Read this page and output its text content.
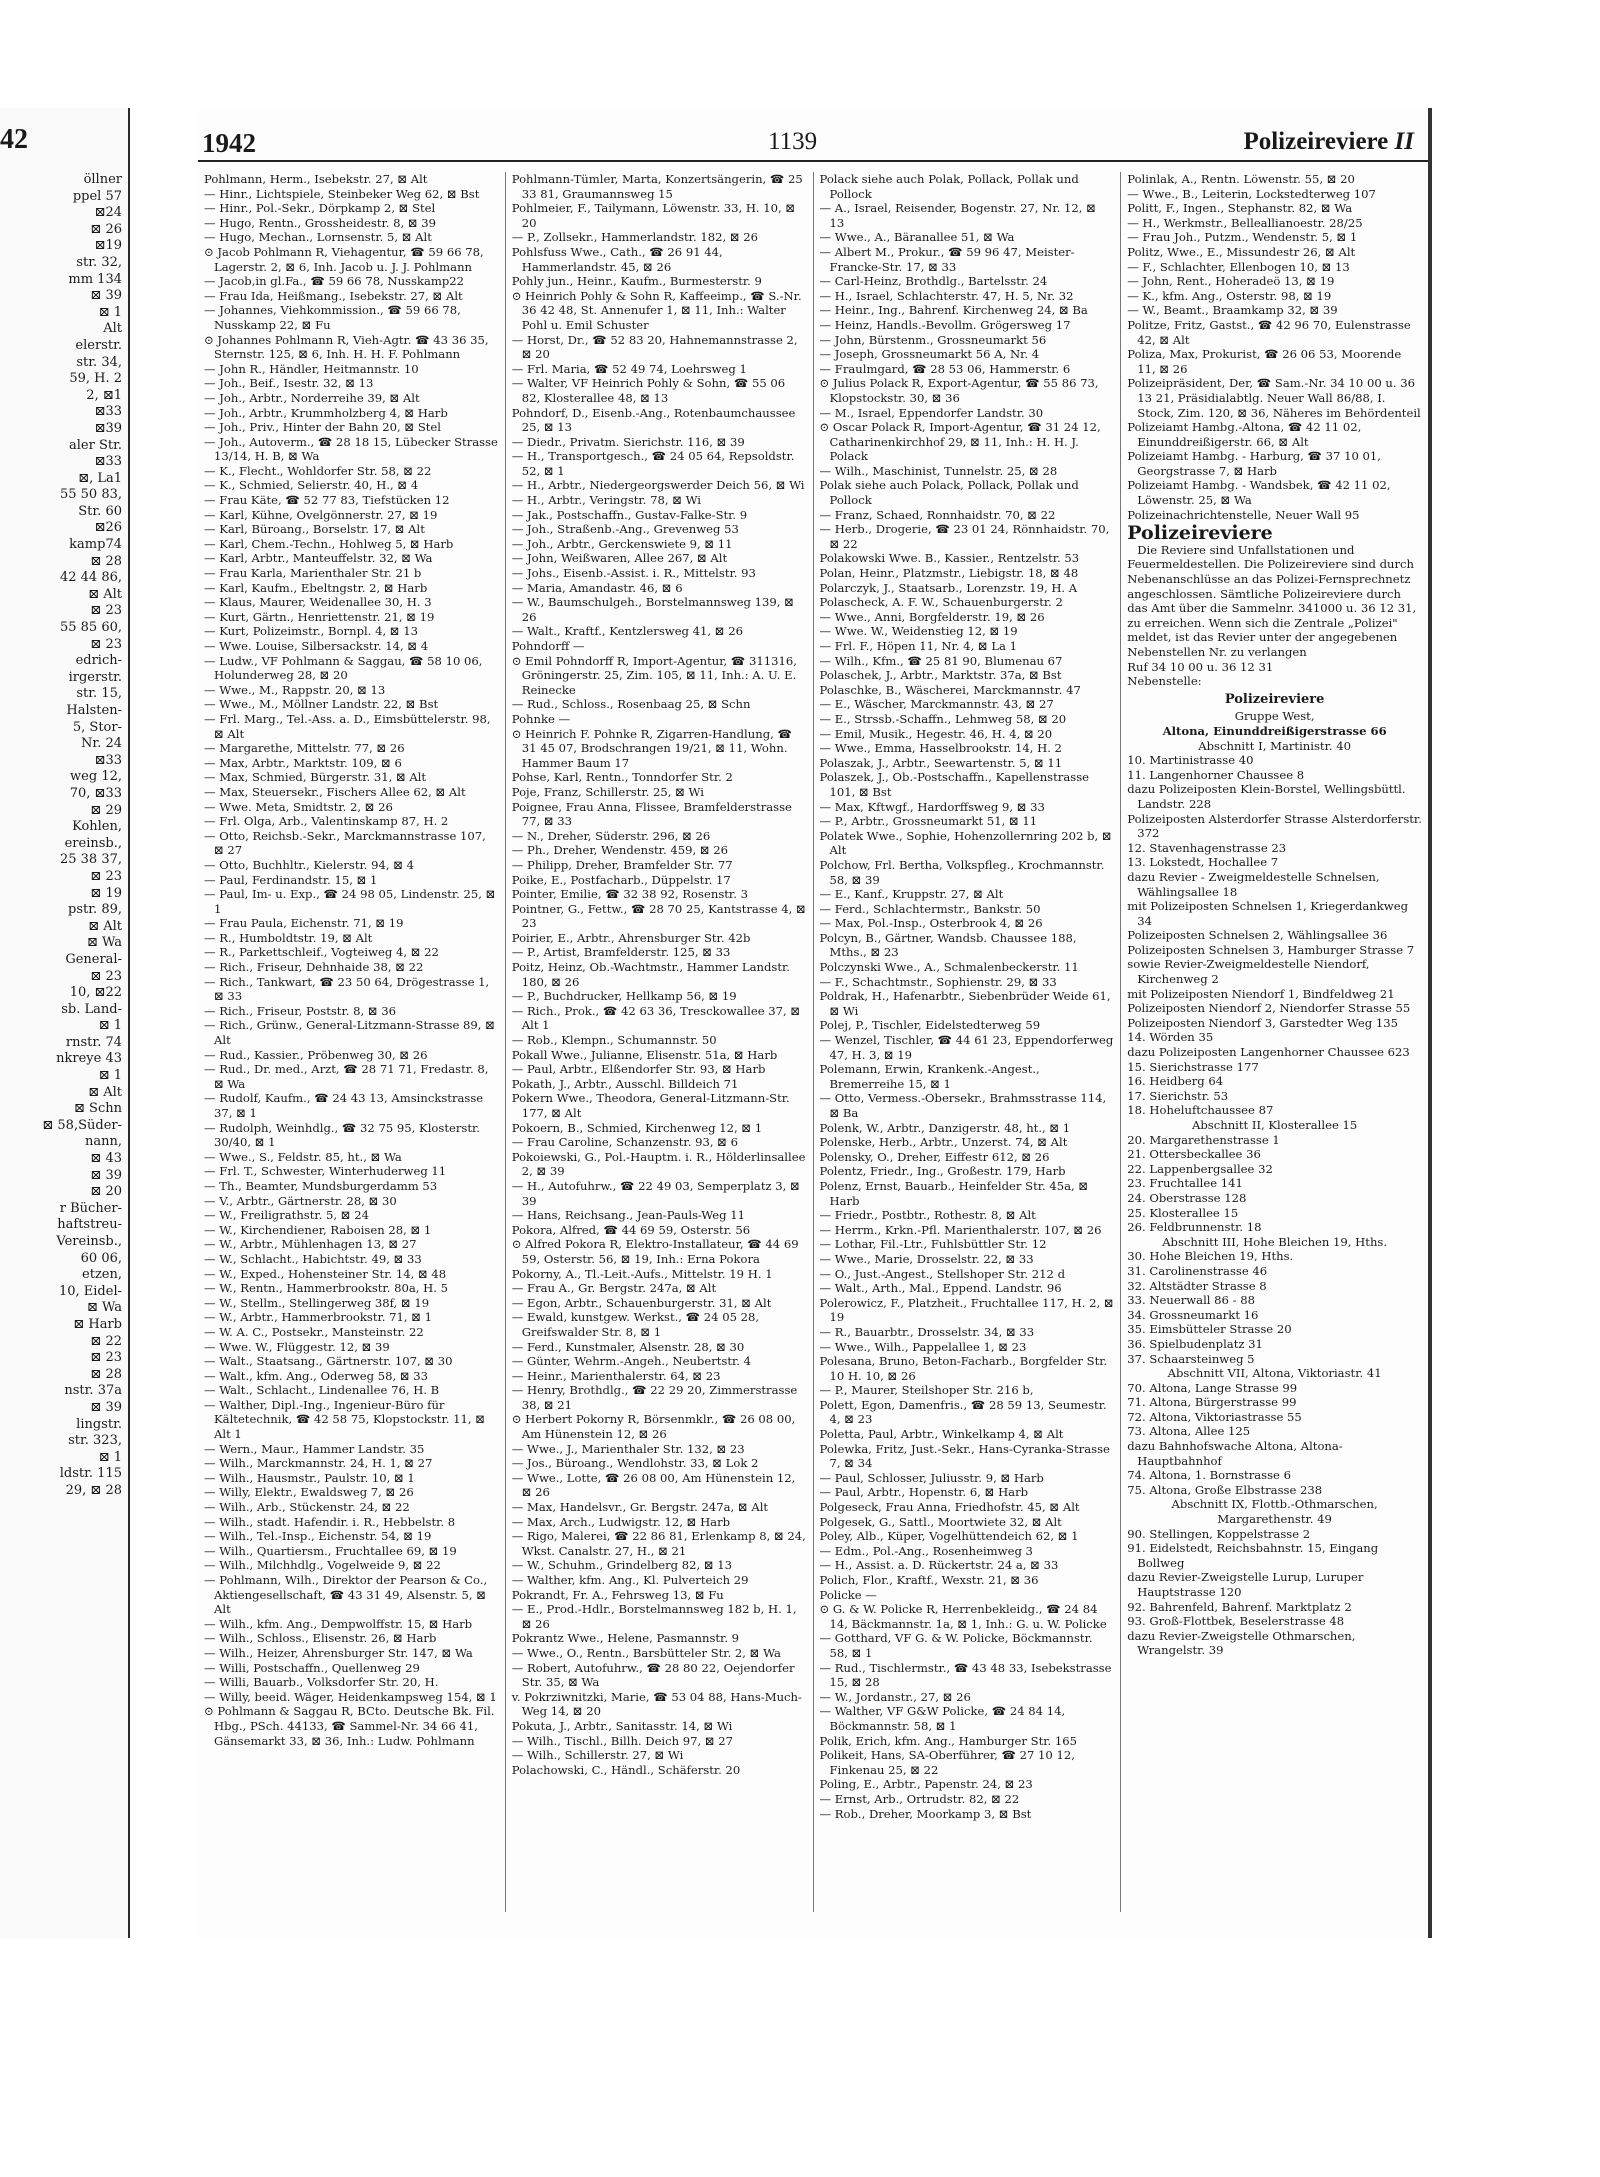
42
öllner
ppel 57
⊠24
⊠ 26
⊠19
str. 32,
mm 134
⊠ 39
⊠ 1
Alt
elerstr.
str. 34,
59, H. 2
2, ⊠1
⊠33
⊠39
aler Str.
⊠33
⊠, La1
55 50 83,
Str. 60
⊠26
kamp74
⊠ 28
42 44 86,
⊠ Alt
⊠ 23
55 85 60,
⊠ 23
edrich-
irgerstr.
str. 15,
Halsten-
5, Stor-
Nr. 24
⊠33
weg 12,
70, ⊠33
⊠ 29
Kohlen,
ereinsb.,
25 38 37,
⊠ 23
⊠ 19
pstr. 89,
⊠ Alt
⊠ Wa
General-
⊠ 23
10, ⊠22
sb. Land-
⊠ 1
rnstr. 74
nkreye 43
⊠ 1
⊠ Alt
⊠ Schn
⊠ 58,Süder-
nann,
⊠ 43
⊠ 39
⊠ 20
r Bücher-
haftstreu-
Vereinsb.,
60 06,
etzen,
10, Eidel-
⊠ Wa
⊠ Harb
⊠ 22
⊠ 23
⊠ 28
nstr. 37a
⊠ 39
lingstr.
str. 323,
⊠ 1
ldstr. 115
29, ⊠ 28
1942	1139	Polizeireviere II

Pohlmann, Herm., Isebekstr. 27, ⊠ Alt

— Hinr., Lichtspiele, Steinbeker Weg 62, ⊠ Bst

— Hinr., Pol.-Sekr., Dörpkamp 2, ⊠ Stel

— Hugo, Rentn., Grossheidestr. 8, ⊠ 39

— Hugo, Mechan., Lornsenstr. 5, ⊠ Alt

⊙ Jacob Pohlmann R, Viehagentur, ☎ 59 66 78, Lagerstr. 2, ⊠ 6, Inh. Jacob u. J. J. Pohlmann

— Jacob,in gl.Fa., ☎ 59 66 78, Nusskamp22

— Frau Ida, Heißmang., Isebekstr. 27, ⊠ Alt

— Johannes, Viehkommission., ☎ 59 66 78, Nusskamp 22, ⊠ Fu

⊙ Johannes Pohlmann R, Vieh-Agtr. ☎ 43 36 35, Sternstr. 125, ⊠ 6, Inh. H. H. F. Pohlmann

— John R., Händler, Heitmannstr. 10

— Joh., Beif., Isestr. 32, ⊠ 13

— Joh., Arbtr., Norderreihe 39, ⊠ Alt

— Joh., Arbtr., Krummholzberg 4, ⊠ Harb

— Joh., Priv., Hinter der Bahn 20, ⊠ Stel

— Joh., Autoverm., ☎ 28 18 15, Lübecker Strasse 13/14, H. B, ⊠ Wa

— K., Flecht., Wohldorfer Str. 58, ⊠ 22

— K., Schmied, Selierstr. 40, H., ⊠ 4

— Frau Käte, ☎ 52 77 83, Tiefstücken 12

— Karl, Kühne, Ovelgönnerstr. 27, ⊠ 19

— Karl, Büroang., Borselstr. 17, ⊠ Alt

— Karl, Chem.-Techn., Hohlweg 5, ⊠ Harb

— Karl, Arbtr., Manteuffelstr. 32, ⊠ Wa

— Frau Karla, Marienthaler Str. 21 b

— Karl, Kaufm., Ebeltngstr. 2, ⊠ Harb

— Klaus, Maurer, Weidenallee 30, H. 3

— Kurt, Gärtn., Henriettenstr. 21, ⊠ 19

— Kurt, Polizeimstr., Bornpl. 4, ⊠ 13

— Wwe. Louise, Silbersackstr. 14, ⊠ 4

— Ludw., VF Pohlmann & Saggau, ☎ 58 10 06, Holunderweg 28, ⊠ 20

— Wwe., M., Rappstr. 20, ⊠ 13

— Wwe., M., Möllner Landstr. 22, ⊠ Bst

— Frl. Marg., Tel.-Ass. a. D., Eimsbüttelerstr. 98, ⊠ Alt

— Margarethe, Mittelstr. 77, ⊠ 26

— Max, Arbtr., Marktstr. 109, ⊠ 6

— Max, Schmied, Bürgerstr. 31, ⊠ Alt

— Max, Steuersekr., Fischers Allee 62, ⊠ Alt

— Wwe. Meta, Smidtstr. 2, ⊠ 26

— Frl. Olga, Arb., Valentinskamp 87, H. 2

— Otto, Reichsb.-Sekr., Marckmannstrasse 107, ⊠ 27

— Otto, Buchhltr., Kielerstr. 94, ⊠ 4

— Paul, Ferdinandstr. 15, ⊠ 1

— Paul, Im- u. Exp., ☎ 24 98 05, Lindenstr. 25, ⊠ 1

— Frau Paula, Eichenstr. 71, ⊠ 19

— R., Humboldtstr. 19, ⊠ Alt

— R., Parkettschleif., Vogteiweg 4, ⊠ 22

— Rich., Friseur, Dehnhaide 38, ⊠ 22

— Rich., Tankwart, ☎ 23 50 64, Drögestrasse 1, ⊠ 33

— Rich., Friseur, Poststr. 8, ⊠ 36

— Rich., Grünw., General-Litzmann-Strasse 89, ⊠ Alt

— Rud., Kassier., Pröbenweg 30, ⊠ 26

— Rud., Dr. med., Arzt, ☎ 28 71 71, Fredastr. 8, ⊠ Wa

— Rudolf, Kaufm., ☎ 24 43 13, Amsinckstrasse 37, ⊠ 1

— Rudolph, Weinhdlg., ☎ 32 75 95, Klosterstr. 30/40, ⊠ 1

— Wwe., S., Feldstr. 85, ht., ⊠ Wa

— Frl. T., Schwester, Winterhuderweg 11

— Th., Beamter, Mundsburgerdamm 53

— V., Arbtr., Gärtnerstr. 28, ⊠ 30

— W., Freiligrathstr. 5, ⊠ 24

— W., Kirchendiener, Raboisen 28, ⊠ 1

— W., Arbtr., Mühlenhagen 13, ⊠ 27

— W., Schlacht., Habichtstr. 49, ⊠ 33

— W., Exped., Hohensteiner Str. 14, ⊠ 48

— W., Rentn., Hammerbrookstr. 80a, H. 5

— W., Stellm., Stellingerweg 38f, ⊠ 19

— W., Arbtr., Hammerbrookstr. 71, ⊠ 1

— W. A. C., Postsekr., Mansteinstr. 22

— Wwe. W., Flüggestr. 12, ⊠ 39

— Walt., Staatsang., Gärtnerstr. 107, ⊠ 30

— Walt., kfm. Ang., Oderweg 58, ⊠ 33

— Walt., Schlacht., Lindenallee 76, H. B

— Walther, Dipl.-Ing., Ingenieur-Büro für Kältetechnik, ☎ 42 58 75, Klopstockstr. 11, ⊠ Alt 1

— Wern., Maur., Hammer Landstr. 35

— Wilh., Marckmannstr. 24, H. 1, ⊠ 27

— Wilh., Hausmstr., Paulstr. 10, ⊠ 1

— Willy, Elektr., Ewaldsweg 7, ⊠ 26

— Wilh., Arb., Stückenstr. 24, ⊠ 22

— Wilh., stadt. Hafendir. i. R., Hebbelstr. 8

— Wilh., Tel.-Insp., Eichenstr. 54, ⊠ 19

— Wilh., Quartiersm., Fruchtallee 69, ⊠ 19

— Wilh., Milchhdlg., Vogelweide 9, ⊠ 22

— Pohlmann, Wilh., Direktor der Pearson & Co., Aktiengesellschaft, ☎ 43 31 49, Alsenstr. 5, ⊠ Alt

— Wilh., kfm. Ang., Dempwolffstr. 15, ⊠ Harb

— Wilh., Schloss., Elisenstr. 26, ⊠ Harb

— Wilh., Heizer, Ahrensburger Str. 147, ⊠ Wa

— Willi, Postschaffn., Quellenweg 29

— Willi, Bauarb., Volksdorfer Str. 20, H.

— Willy, beeid. Wäger, Heidenkampsweg 154, ⊠ 1

⊙ Pohlmann & Saggau R, BCto. Deutsche Bk. Fil. Hbg., PSch. 44133, ☎ Sammel-Nr. 34 66 41, Gänsemarkt 33, ⊠ 36, Inh.: Ludw. Pohlmann

Pohlmann-Tümler, Marta, Konzertsängerin, ☎ 25 33 81, Graumannsweg 15

Pohlmeier, F., Tailymann, Löwenstr. 33, H. 10, ⊠ 20

— P., Zollsekr., Hammerlandstr. 182, ⊠ 26

Pohlsfuss Wwe., Cath., ☎ 26 91 44, Hammerlandstr. 45, ⊠ 26

Pohly jun., Heinr., Kaufm., Burmesterstr. 9

⊙ Heinrich Pohly & Sohn R, Kaffeeimp., ☎ S.-Nr. 36 42 48, St. Annenufer 1, ⊠ 11, Inh.: Walter Pohl u. Emil Schuster

— Horst, Dr., ☎ 52 83 20, Hahnemannstrasse 2, ⊠ 20

— Frl. Maria, ☎ 52 49 74, Loehrsweg 1

— Walter, VF Heinrich Pohly & Sohn, ☎ 55 06 82, Klosterallee 48, ⊠ 13

Pohndorf, D., Eisenb.-Ang., Rotenbaumchaussee 25, ⊠ 13

— Diedr., Privatm. Sierichstr. 116, ⊠ 39

— H., Transportgesch., ☎ 24 05 64, Repsoldstr. 52, ⊠ 1

— H., Arbtr., Niedergeorgswerder Deich 56, ⊠ Wi

— H., Arbtr., Veringstr. 78, ⊠ Wi

— Jak., Postschaffn., Gustav-Falke-Str. 9

— Joh., Straßenb.-Ang., Grevenweg 53

— Joh., Arbtr., Gerckenswiete 9, ⊠ 11

— John, Weißwaren, Allee 267, ⊠ Alt

— Johs., Eisenb.-Assist. i. R., Mittelstr. 93

— Maria, Amandastr. 46, ⊠ 6

— W., Baumschulgeh., Borstelmannsweg 139, ⊠ 26

— Walt., Kraftf., Kentzlersweg 41, ⊠ 26

Pohndorff —

⊙ Emil Pohndorff R, Import-Agentur, ☎ 311316, Gröningerstr. 25, Zim. 105, ⊠ 11, Inh.: A. U. E. Reinecke

— Rud., Schloss., Rosenbaag 25, ⊠ Schn

Pohnke —

⊙ Heinrich F. Pohnke R, Zigarren-Handlung, ☎ 31 45 07, Brodschrangen 19/21, ⊠ 11, Wohn. Hammer Baum 17

Pohse, Karl, Rentn., Tonndorfer Str. 2

Poje, Franz, Schillerstr. 25, ⊠ Wi

Poignee, Frau Anna, Flissee, Bramfelderstrasse 77, ⊠ 33

— N., Dreher, Süderstr. 296, ⊠ 26

— Ph., Dreher, Wendenstr. 459, ⊠ 26

— Philipp, Dreher, Bramfelder Str. 77

Poike, E., Postfacharb., Düppelstr. 17

Pointer, Emilie, ☎ 32 38 92, Rosenstr. 3

Pointner, G., Fettw., ☎ 28 70 25, Kantstrasse 4, ⊠ 23

Poirier, E., Arbtr., Ahrensburger Str. 42b

— P., Artist, Bramfelderstr. 125, ⊠ 33

Poitz, Heinz, Ob.-Wachtmstr., Hammer Landstr. 180, ⊠ 26

— P., Buchdrucker, Hellkamp 56, ⊠ 19

— Rich., Prok., ☎ 42 63 36, Tresckowallee 37, ⊠ Alt 1

— Rob., Klempn., Schumannstr. 50

Pokall Wwe., Julianne, Elisenstr. 51a, ⊠ Harb

— Paul, Arbtr., Elßendorfer Str. 93, ⊠ Harb

Pokath, J., Arbtr., Ausschl. Billdeich 71

Pokern Wwe., Theodora, General-Litzmann-Str. 177, ⊠ Alt

Pokoern, B., Schmied, Kirchenweg 12, ⊠ 1

— Frau Caroline, Schanzenstr. 93, ⊠ 6

Pokoiewski, G., Pol.-Hauptm. i. R., Hölderlinsallee 2, ⊠ 39

— H., Autofuhrw., ☎ 22 49 03, Semperplatz 3, ⊠ 39

— Hans, Reichsang., Jean-Pauls-Weg 11

Pokora, Alfred, ☎ 44 69 59, Osterstr. 56

⊙ Alfred Pokora R, Elektro-Installateur, ☎ 44 69 59, Osterstr. 56, ⊠ 19, Inh.: Erna Pokora

Pokorny, A., Tl.-Leit.-Aufs., Mittelstr. 19 H. 1

— Frau A., Gr. Bergstr. 247a, ⊠ Alt

— Egon, Arbtr., Schauenburgerstr. 31, ⊠ Alt

— Ewald, kunstgew. Werkst., ☎ 24 05 28, Greifswalder Str. 8, ⊠ 1

— Ferd., Kunstmaler, Alsenstr. 28, ⊠ 30

— Günter, Wehrm.-Angeh., Neubertstr. 4

— Heinr., Marienthalerstr. 64, ⊠ 23

— Henry, Brothdlg., ☎ 22 29 20, Zimmerstrasse 38, ⊠ 21

⊙ Herbert Pokorny R, Börsenmklr., ☎ 26 08 00, Am Hünenstein 12, ⊠ 26

— Wwe., J., Marienthaler Str. 132, ⊠ 23

— Jos., Büroang., Wendlohstr. 33, ⊠ Lok 2

— Wwe., Lotte, ☎ 26 08 00, Am Hünenstein 12, ⊠ 26

— Max, Handelsvr., Gr. Bergstr. 247a, ⊠ Alt

— Max, Arch., Ludwigstr. 12, ⊠ Harb

— Rigo, Malerei, ☎ 22 86 81, Erlenkamp 8, ⊠ 24, Wkst. Canalstr. 27, H., ⊠ 21

— W., Schuhm., Grindelberg 82, ⊠ 13

— Walther, kfm. Ang., Kl. Pulverteich 29

Pokrandt, Fr. A., Fehrsweg 13, ⊠ Fu

— E., Prod.-Hdlr., Borstelmannsweg 182 b, H. 1, ⊠ 26

Pokrantz Wwe., Helene, Pasmannstr. 9

— Wwe., O., Rentn., Barsbütteler Str. 2, ⊠ Wa

— Robert, Autofuhrw., ☎ 28 80 22, Oejendorfer Str. 35, ⊠ Wa

v. Pokrziwnitzki, Marie, ☎ 53 04 88, Hans-Much-Weg 14, ⊠ 20

Pokuta, J., Arbtr., Sanitasstr. 14, ⊠ Wi

— Wilh., Tischl., Billh. Deich 97, ⊠ 27

— Wilh., Schillerstr. 27, ⊠ Wi

Polachowski, C., Händl., Schäferstr. 20

Polack siehe auch Polak, Pollack, Pollak und Pollock

— A., Israel, Reisender, Bogenstr. 27, Nr. 12, ⊠ 13

— Wwe., A., Bäranallee 51, ⊠ Wa

— Albert M., Prokur., ☎ 59 96 47, Meister-Francke-Str. 17, ⊠ 33

— Carl-Heinz, Brothdlg., Bartelsstr. 24

— H., Israel, Schlachterstr. 47, H. 5, Nr. 32

— Heinr., Ing., Bahrenf. Kirchenweg 24, ⊠ Ba

— Heinz, Handls.-Bevollm. Grögersweg 17

— John, Bürstenm., Grossneumarkt 56

— Joseph, Grossneumarkt 56 A, Nr. 4

— Fraulmgard, ☎ 28 53 06, Hammerstr. 6

⊙ Julius Polack R, Export-Agentur, ☎ 55 86 73, Klopstockstr. 30, ⊠ 36

— M., Israel, Eppendorfer Landstr. 30

⊙ Oscar Polack R, Import-Agentur, ☎ 31 24 12, Catharinenkirchhof 29, ⊠ 11, Inh.: H. H. J. Polack

— Wilh., Maschinist, Tunnelstr. 25, ⊠ 28

Polak siehe auch Polack, Pollack, Pollak und Pollock

— Franz, Schaed, Ronnhaidstr. 70, ⊠ 22

— Herb., Drogerie, ☎ 23 01 24, Rönnhaidstr. 70, ⊠ 22

Polakowski Wwe. B., Kassier., Rentzelstr. 53

Polan, Heinr., Platzmstr., Liebigstr. 18, ⊠ 48

Polarczyk, J., Staatsarb., Lorenzstr. 19, H. A

Polascheck, A. F. W., Schauenburgerstr. 2

— Wwe., Anni, Borgfelderstr. 19, ⊠ 26

— Wwe. W., Weidenstieg 12, ⊠ 19

— Frl. F., Höpen 11, Nr. 4, ⊠ La 1

— Wilh., Kfm., ☎ 25 81 90, Blumenau 67

Polaschek, J., Arbtr., Marktstr. 37a, ⊠ Bst

Polaschke, B., Wäscherei, Marckmannstr. 47

— E., Wäscher, Marckmannstr. 43, ⊠ 27

— E., Strssb.-Schaffn., Lehmweg 58, ⊠ 20

— Emil, Musik., Hegestr. 46, H. 4, ⊠ 20

— Wwe., Emma, Hasselbrookstr. 14, H. 2

Polaszak, J., Arbtr., Seewartenstr. 5, ⊠ 11

Polaszek, J., Ob.-Postschaffn., Kapellenstrasse 101, ⊠ Bst

— Max, Kftwgf., Hardorffsweg 9, ⊠ 33

— P., Arbtr., Grossneumarkt 51, ⊠ 11

Polatek Wwe., Sophie, Hohenzollernring 202 b, ⊠ Alt

Polchow, Frl. Bertha, Volkspfleg., Krochmannstr. 58, ⊠ 39

— E., Kanf., Kruppstr. 27, ⊠ Alt

— Ferd., Schlachtermstr., Bankstr. 50

— Max, Pol.-Insp., Osterbrook 4, ⊠ 26

Polcyn, B., Gärtner, Wandsb. Chaussee 188, Mths., ⊠ 23

Polczynski Wwe., A., Schmalenbeckerstr. 11

— F., Schachtmstr., Sophienstr. 29, ⊠ 33

Poldrak, H., Hafenarbtr., Siebenbrüder Weide 61, ⊠ Wi

Polej, P., Tischler, Eidelstedterweg 59

— Wenzel, Tischler, ☎ 44 61 23, Eppendorferweg 47, H. 3, ⊠ 19

Polemann, Erwin, Krankenk.-Angest., Bremerreihe 15, ⊠ 1

— Otto, Vermess.-Obersekr., Brahmsstrasse 114, ⊠ Ba

Polenk, W., Arbtr., Danzigerstr. 48, ht., ⊠ 1

Polenske, Herb., Arbtr., Unzerst. 74, ⊠ Alt

Polensky, O., Dreher, Eiffestr 612, ⊠ 26

Polentz, Friedr., Ing., Großestr. 179, Harb

Polenz, Ernst, Bauarb., Heinfelder Str. 45a, ⊠ Harb

— Friedr., Postbtr., Rothestr. 8, ⊠ Alt

— Herrm., Krkn.-Pfl. Marienthalerstr. 107, ⊠ 26

— Lothar, Fil.-Ltr., Fuhlsbüttler Str. 12

— Wwe., Marie, Drosselstr. 22, ⊠ 33

— O., Just.-Angest., Stellshoper Str. 212 d

— Walt., Arth., Mal., Eppend. Landstr. 96

Polerowicz, F., Platzheit., Fruchtallee 117, H. 2, ⊠ 19

— R., Bauarbtr., Drosselstr. 34, ⊠ 33

— Wwe., Wilh., Pappelallee 1, ⊠ 23

Polesana, Bruno, Beton-Facharb., Borgfelder Str. 10 H. 10, ⊠ 26

— P., Maurer, Steilshoper Str. 216 b,

Polett, Egon, Damenfris., ☎ 28 59 13, Seumestr. 4, ⊠ 23

Poletta, Paul, Arbtr., Winkelkamp 4, ⊠ Alt

Polewka, Fritz, Just.-Sekr., Hans-Cyranka-Strasse 7, ⊠ 34

— Paul, Schlosser, Juliusstr. 9, ⊠ Harb

— Paul, Arbtr., Hopenstr. 6, ⊠ Harb

Polgeseck, Frau Anna, Friedhofstr. 45, ⊠ Alt

Polgesek, G., Sattl., Moortwiete 32, ⊠ Alt

Poley, Alb., Küper, Vogelhüttendeich 62, ⊠ 1

— Edm., Pol.-Ang., Rosenheimweg 3

— H., Assist. a. D. Rückertstr. 24 a, ⊠ 33

Polich, Flor., Kraftf., Wexstr. 21, ⊠ 36

Policke —

⊙ G. & W. Policke R, Herrenbekleidg., ☎ 24 84 14, Bäckmannstr. 1a, ⊠ 1, Inh.: G. u. W. Policke

— Gotthard, VF G. & W. Policke, Böckmannstr. 58, ⊠ 1

— Rud., Tischlermstr., ☎ 43 48 33, Isebekstrasse 15, ⊠ 28

— W., Jordanstr., 27, ⊠ 26

— Walther, VF G&W Policke, ☎ 24 84 14, Böckmannstr. 58, ⊠ 1

Polik, Erich, kfm. Ang., Hamburger Str. 165

Polikeit, Hans, SA-Oberführer, ☎ 27 10 12, Finkenau 25, ⊠ 22

Poling, E., Arbtr., Papenstr. 24, ⊠ 23

— Ernst, Arb., Ortrudstr. 82, ⊠ 22

— Rob., Dreher, Moorkamp 3, ⊠ Bst

Polinlak, A., Rentn. Löwenstr. 55, ⊠ 20

— Wwe., B., Leiterin, Lockstedterweg 107

Politt, F., Ingen., Stephanstr. 82, ⊠ Wa

— H., Werkmstr., Belleallianoestr. 28/25

— Frau Joh., Putzm., Wendenstr. 5, ⊠ 1

Politz, Wwe., E., Missundestr 26, ⊠ Alt

— F., Schlachter, Ellenbogen 10, ⊠ 13

— John, Rent., Hoheradeö 13, ⊠ 19

— K., kfm. Ang., Osterstr. 98, ⊠ 19

— W., Beamt., Braamkamp 32, ⊠ 39

Politze, Fritz, Gastst., ☎ 42 96 70, Eulenstrasse 42, ⊠ Alt

Poliza, Max, Prokurist, ☎ 26 06 53, Moorende 11, ⊠ 26

Polizeipräsident, Der, ☎ Sam.-Nr. 34 10 00 u. 36 13 21, Präsidialabtlg. Neuer Wall 86/88, I. Stock, Zim. 120, ⊠ 36, Näheres im Behördenteil

Polizeiamt Hambg.-Altona, ☎ 42 11 02, Einunddreißigerstr. 66, ⊠ Alt

Polizeiamt Hambg. - Harburg, ☎ 37 10 01, Georgstrasse 7, ⊠ Harb

Polizeiamt Hambg. - Wandsbek, ☎ 42 11 02, Löwenstr. 25, ⊠ Wa

Polizeinachrichtenstelle, Neuer Wall 95

Polizeireviere

Die Reviere sind Unfallstationen und Feuermeldestellen. Die Polizeireviere sind durch Nebenanschlüsse an das Polizei-Fernsprechnetz angeschlossen. Sämtliche Polizeireviere durch das Amt über die Sammelnr. 341000 u. 36 12 31, zu erreichen. Wenn sich die Zentrale „Polizei" meldet, ist das Revier unter der angegebenen Nebenstellen Nr. zu verlangen

Ruf 34 10 00 u. 36 12 31

Nebenstelle:

Polizeireviere
Gruppe West,
Altona, Einunddreißigerstrasse 66
Abschnitt I, Martinistr. 40

10. Martinistrasse 40

11. Langenhorner Chaussee 8

dazu Polizeiposten Klein-Borstel, Wellingsbüttl. Landstr. 228

Polizeiposten Alsterdorfer Strasse Alsterdorferstr. 372

12. Stavenhagenstrasse 23

13. Lokstedt, Hochallee 7

dazu Revier - Zweigmeldestelle Schnelsen, Wählingsallee 18

mit Polizeiposten Schnelsen 1, Kriegerdankweg 34

Polizeiposten Schnelsen 2, Wählingsallee 36

Polizeiposten Schnelsen 3, Hamburger Strasse 7

sowie Revier-Zweigmeldestelle Niendorf, Kirchenweg 2

mit Polizeiposten Niendorf 1, Bindfeldweg 21

Polizeiposten Niendorf 2, Niendorfer Strasse 55

Polizeiposten Niendorf 3, Garstedter Weg 135

14. Wörden 35

dazu Polizeiposten Langenhorner Chaussee 623

15. Sierichstrasse 177

16. Heidberg 64

17. Sierichstr. 53

18. Hoheluftchaussee 87

Abschnitt II, Klosterallee 15

20. Margarethenstrasse 1

21. Ottersbeckallee 36

22. Lappenbergsallee 32

23. Fruchtallee 141

24. Oberstrasse 128

25. Klosterallee 15

26. Feldbrunnenstr. 18

Abschnitt III, Hohe Bleichen 19, Hths.

30. Hohe Bleichen 19, Hths.

31. Carolinenstrasse 46

32. Altstädter Strasse 8

33. Neuerwall 86 - 88

34. Grossneumarkt 16

35. Eimsbütteler Strasse 20

36. Spielbudenplatz 31

37. Schaarsteinweg 5

Abschnitt VII, Altona, Viktoriastr. 41

70. Altona, Lange Strasse 99

71. Altona, Bürgerstrasse 99

72. Altona, Viktoriastrasse 55

73. Altona, Allee 125

dazu Bahnhofswache Altona, Altona-Hauptbahnhof

74. Altona, 1. Bornstrasse 6

75. Altona, Große Elbstrasse 238

Abschnitt IX, Flottb.-Othmarschen, Margarethenstr. 49

90. Stellingen, Koppelstrasse 2

91. Eidelstedt, Reichsbahnstr. 15, Eingang Bollweg

dazu Revier-Zweigstelle Lurup, Luruper Hauptstrasse 120

92. Bahrenfeld, Bahrenf. Marktplatz 2

93. Groß-Flottbek, Beselerstrasse 48

dazu Revier-Zweigstelle Othmarschen, Wrangelstr. 39
